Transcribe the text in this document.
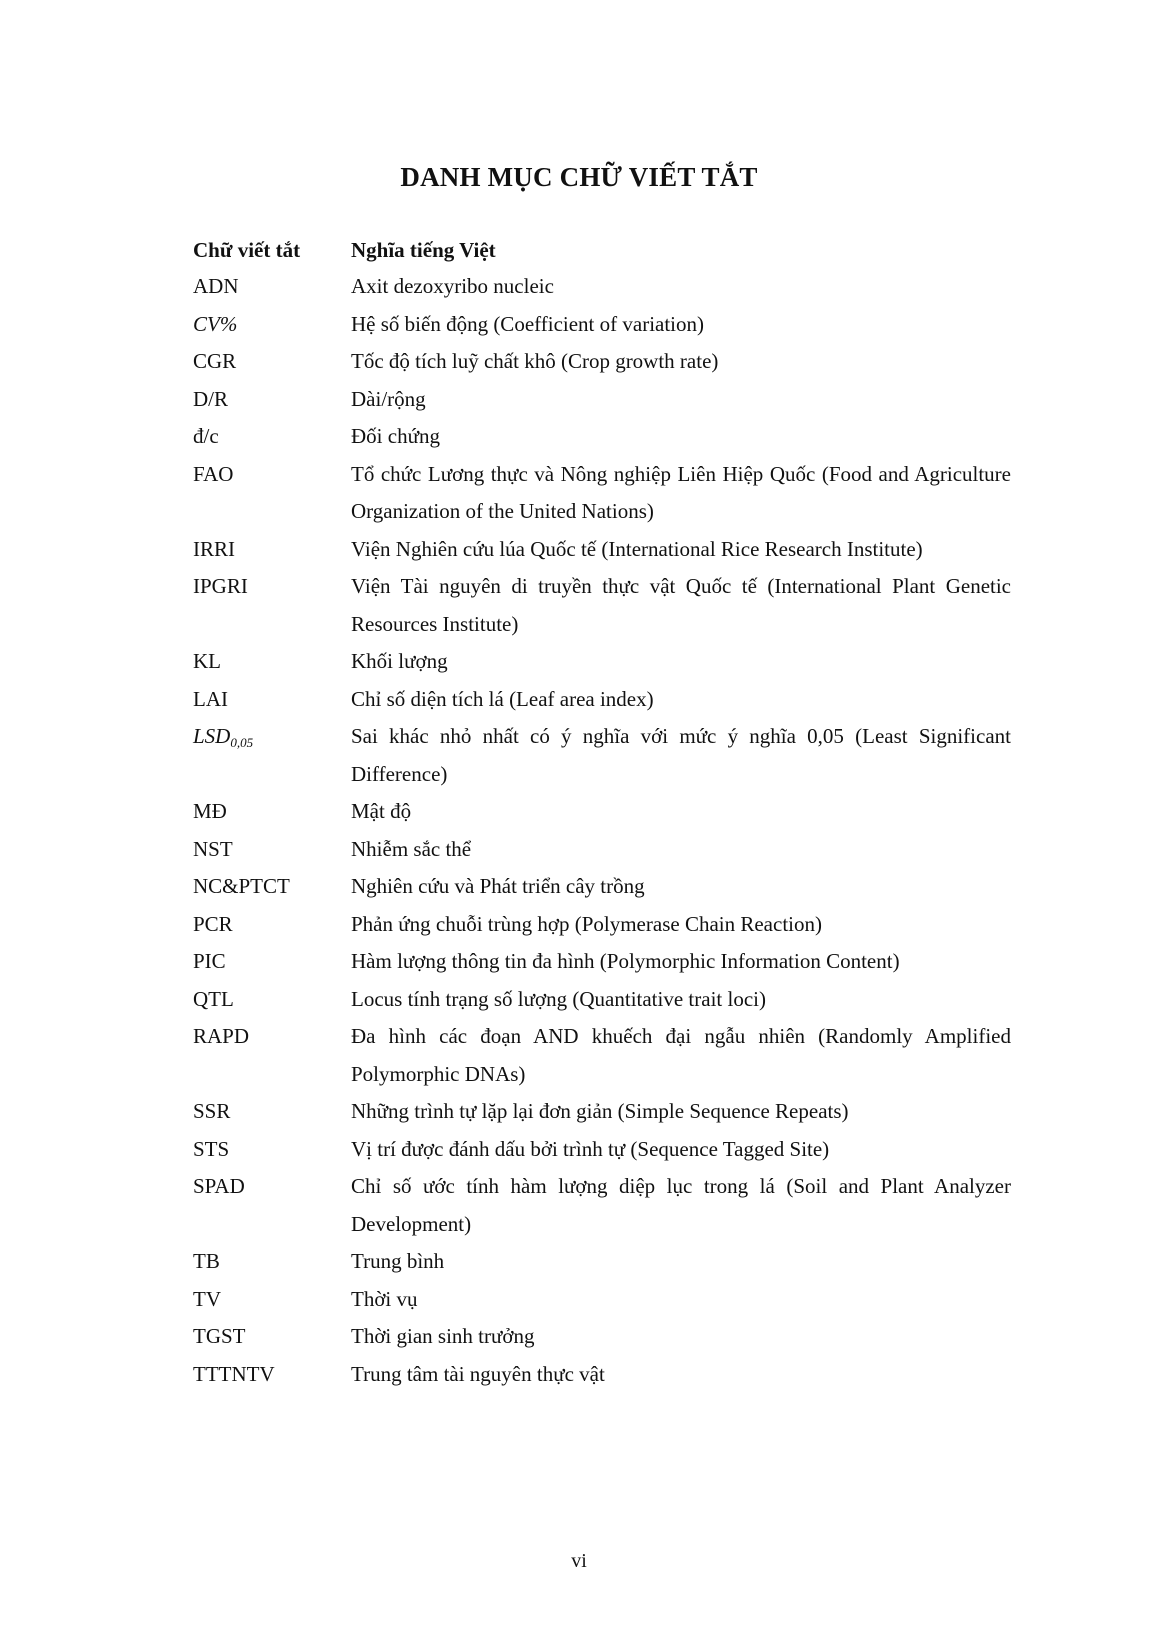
DANH MỤC CHỮ VIẾT TẮT
Chữ viết tắt	Nghĩa tiếng Việt
ADN	Axit dezoxyribo nucleic
CV%	Hệ số biến động (Coefficient of variation)
CGR	Tốc độ tích luỹ chất khô (Crop growth rate)
D/R	Dài/rộng
đ/c	Đối chứng
FAO	Tổ chức Lương thực và Nông nghiệp Liên Hiệp Quốc (Food and Agriculture Organization of the United Nations)
IRRI	Viện Nghiên cứu lúa Quốc tế (International Rice Research Institute)
IPGRI	Viện Tài nguyên di truyền thực vật Quốc tế (International Plant Genetic Resources Institute)
KL	Khối lượng
LAI	Chỉ số diện tích lá (Leaf area index)
$LSD_{0,05}$	Sai khác nhỏ nhất có ý nghĩa với mức ý nghĩa 0,05 (Least Significant Difference)
MĐ	Mật độ
NST	Nhiễm sắc thể
NC&PTCT	Nghiên cứu và Phát triển cây trồng
PCR	Phản ứng chuỗi trùng hợp (Polymerase Chain Reaction)
PIC	Hàm lượng thông tin đa hình (Polymorphic Information Content)
QTL	Locus tính trạng số lượng (Quantitative trait loci)
RAPD	Đa hình các đoạn AND khuếch đại ngẫu nhiên (Randomly Amplified Polymorphic DNAs)
SSR	Những trình tự lặp lại đơn giản (Simple Sequence Repeats)
STS	Vị trí được đánh dấu bởi trình tự (Sequence Tagged Site)
SPAD	Chỉ số ước tính hàm lượng diệp lục trong lá (Soil and Plant Analyzer Development)
TB	Trung bình
TV	Thời vụ
TGST	Thời gian sinh trưởng
TTTNTV	Trung tâm tài nguyên thực vật
vi
